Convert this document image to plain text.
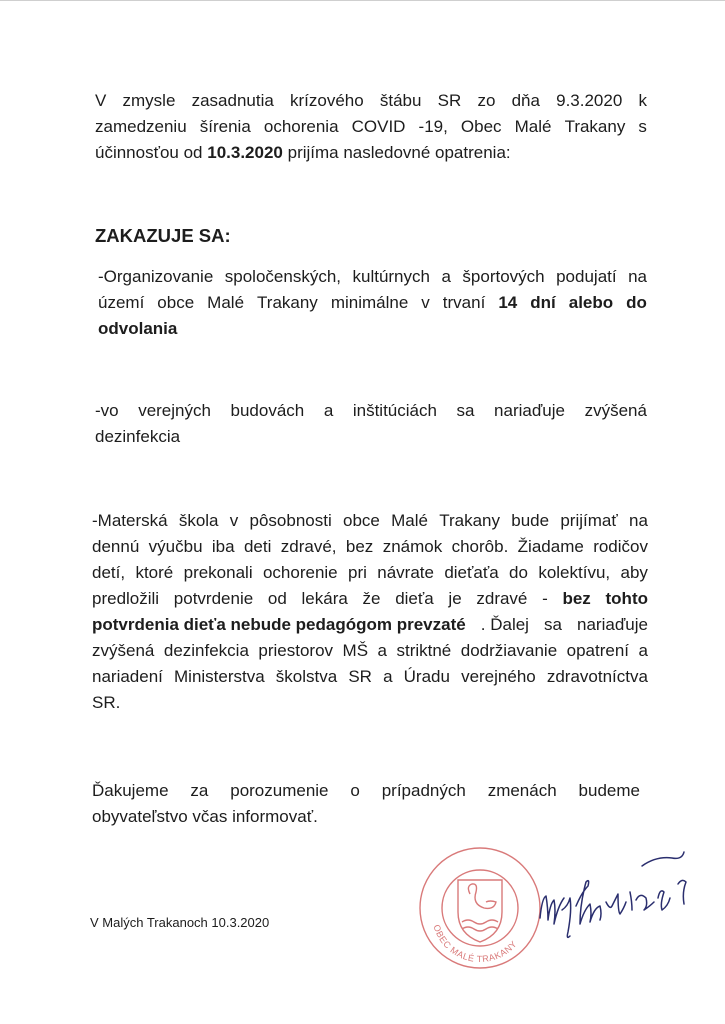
V zmysle zasadnutia krízového štábu SR zo dňa 9.3.2020 k
zamedzeniu šírenia ochorenia COVID -19, Obec Malé Trakany s
účinnosťou od 10.3.2020 prijíma nasledovné opatrenia:

ZAKAZUJE SA:

-Organizovanie spoločenských, kultúrnych a športových podujatí na
území obce Malé Trakany minimálne v trvaní 14 dní alebo do
odvolania
-vo verejných budovách a inštitúciách sa nariaďuje zvýšená
dezinfekcia
-Materská škola v pôsobnosti obce Malé Trakany bude prijímať na
dennú výučbu iba deti zdravé, bez známok chorôb. Žiadame rodičov
detí, ktoré prekonali ochorenie pri návrate dieťaťa do kolektívu, aby
predložili potvrdenie od lekára že dieťa je zdravé - bez tohto
potvrdenia dieťa nebude pedagógom prevzaté . Ďalej sa nariaďuje
zvýšená dezinfekcia priestorov MŠ a striktné dodržiavanie opatrení a
nariadení Ministerstva školstva SR a Úradu verejného zdravotníctva
SR.
Ďakujeme za porozumenie o prípadných zmenách budeme
obyvateľstvo včas informovať.

V Malých Trakanoch 10.3.2020	OBEC MALÉ TRAKANY
